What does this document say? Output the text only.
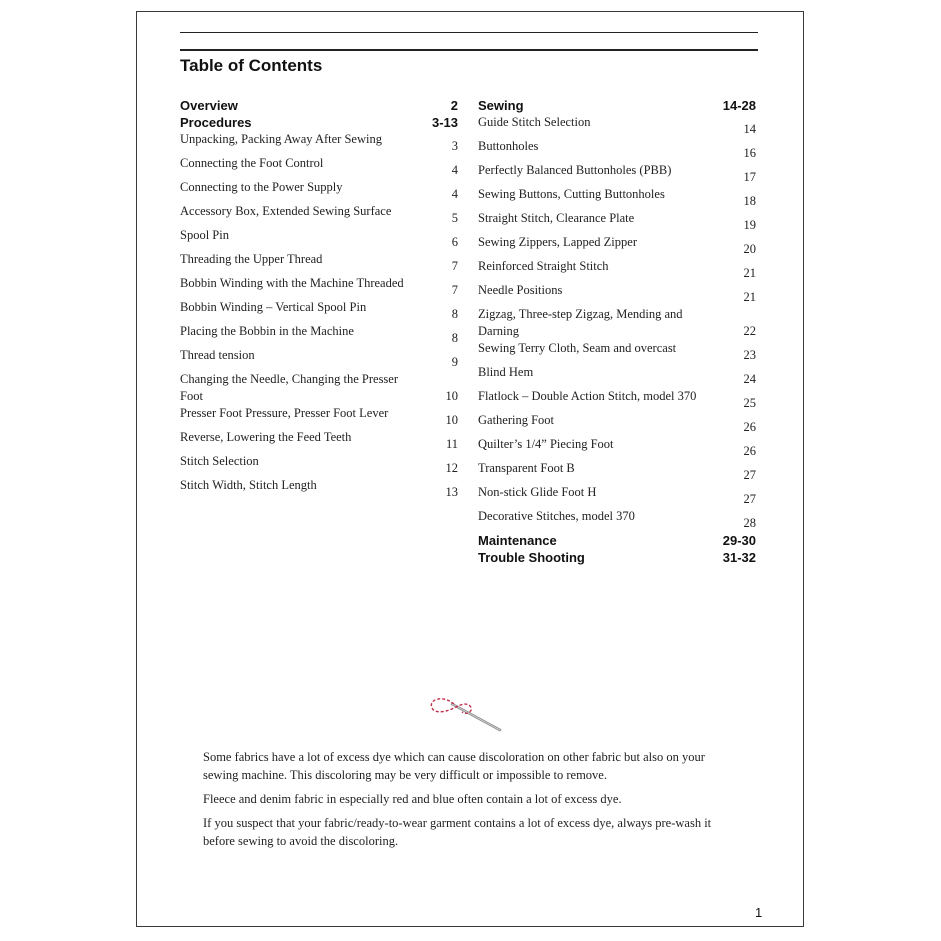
Table of Contents
Overview	2
Procedures	3-13
Unpacking, Packing Away After Sewing	3
Connecting the Foot Control	4
Connecting to the Power Supply	4
Accessory Box, Extended Sewing Surface	5
Spool Pin	6
Threading the Upper Thread	7
Bobbin Winding with the Machine Threaded	7
Bobbin Winding – Vertical Spool Pin	8
Placing the Bobbin in the Machine	8
Thread tension	9
Changing the Needle, Changing the Presser Foot	10
Presser Foot Pressure, Presser Foot Lever	10
Reverse, Lowering the Feed Teeth	11
Stitch Selection	12
Stitch Width, Stitch Length	13
Sewing	14-28
Guide Stitch Selection	14
Buttonholes	16
Perfectly Balanced Buttonholes (PBB)	17
Sewing Buttons, Cutting Buttonholes	18
Straight Stitch, Clearance Plate	19
Sewing Zippers, Lapped Zipper	20
Reinforced Straight Stitch	21
Needle Positions	21
Zigzag, Three-step Zigzag, Mending and Darning	22
Sewing Terry Cloth, Seam and overcast	23
Blind Hem	24
Flatlock – Double Action Stitch, model 370	25
Gathering Foot	26
Quilter’s 1/4” Piecing Foot	26
Transparent Foot B	27
Non-stick Glide Foot H	27
Decorative Stitches, model 370	28
Maintenance	29-30
Trouble Shooting	31-32

Some fabrics have a lot of excess dye which can cause discoloration on other fabric but also on your sewing machine. This discoloring may be very difficult or impossible to remove.

Fleece and denim fabric in especially red and blue often contain a lot of excess dye.

If you suspect that your fabric/ready-to-wear garment contains a lot of excess dye, always pre-wash it before sewing to avoid the discoloring.

1
